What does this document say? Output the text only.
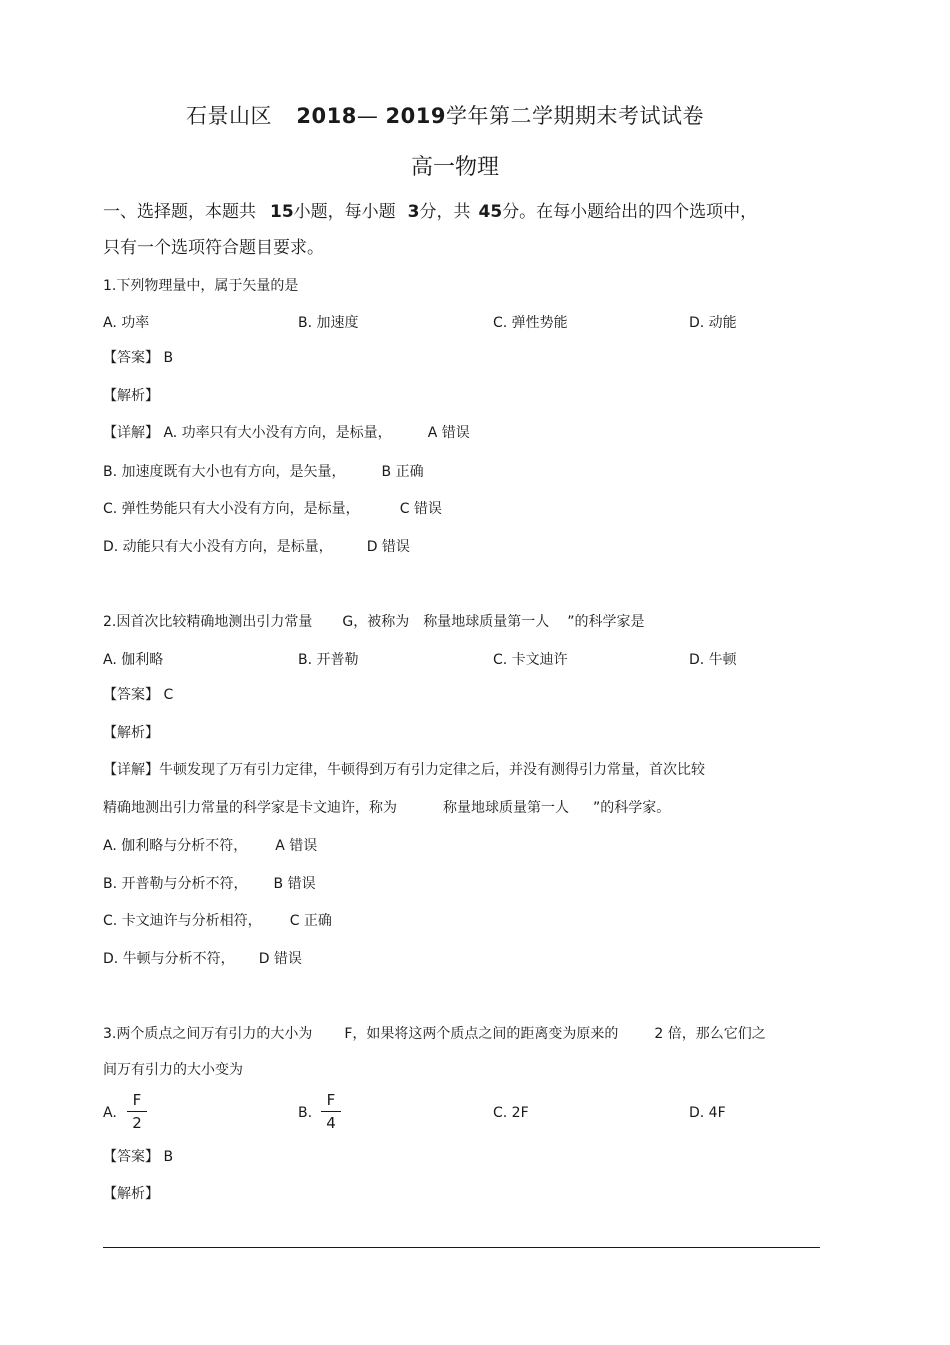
石景山区 2018— 2019学年第二学期期末考试试卷
高一物理
一、选择题，本题共 15小题，每小题 3分，共 45分。在每小题给出的四个选项中，
只有一个选项符合题目要求。
1.下列物理量中，属于矢量的是
A. 功率	B. 加速度	C. 弹性势能	D. 动能
【答案】 B
【解析】
【详解】 A. 功率只有大小没有方向，是标量，	A 错误
B. 加速度既有大小也有方向，是矢量，	B 正确
C. 弹性势能只有大小没有方向，是标量，	C 错误
D. 动能只有大小没有方向，是标量， D 错误
2.因首次比较精确地测出引力常量 G，被称为 称量地球质量第一人 ”的科学家是
A. 伽利略	B. 开普勒	C. 卡文迪许	D. 牛顿
【答案】 C
【解析】
【详解】牛顿发现了万有引力定律，牛顿得到万有引力定律之后，并没有测得引力常量，首次比较
精确地测出引力常量的科学家是卡文迪许，称为	称量地球质量第一人 ”的科学家。
A. 伽利略与分析不符， A 错误
B. 开普勒与分析不符， B 错误
C. 卡文迪许与分析相符， C 正确
D. 牛顿与分析不符， D 错误
3.两个质点之间万有引力的大小为 F，如果将这两个质点之间的距离变为原来的	2 倍，那么它们之
间万有引力的大小变为
A.
F
2
B.
F
4
C. 2F	D. 4F
【答案】 B
【解析】
